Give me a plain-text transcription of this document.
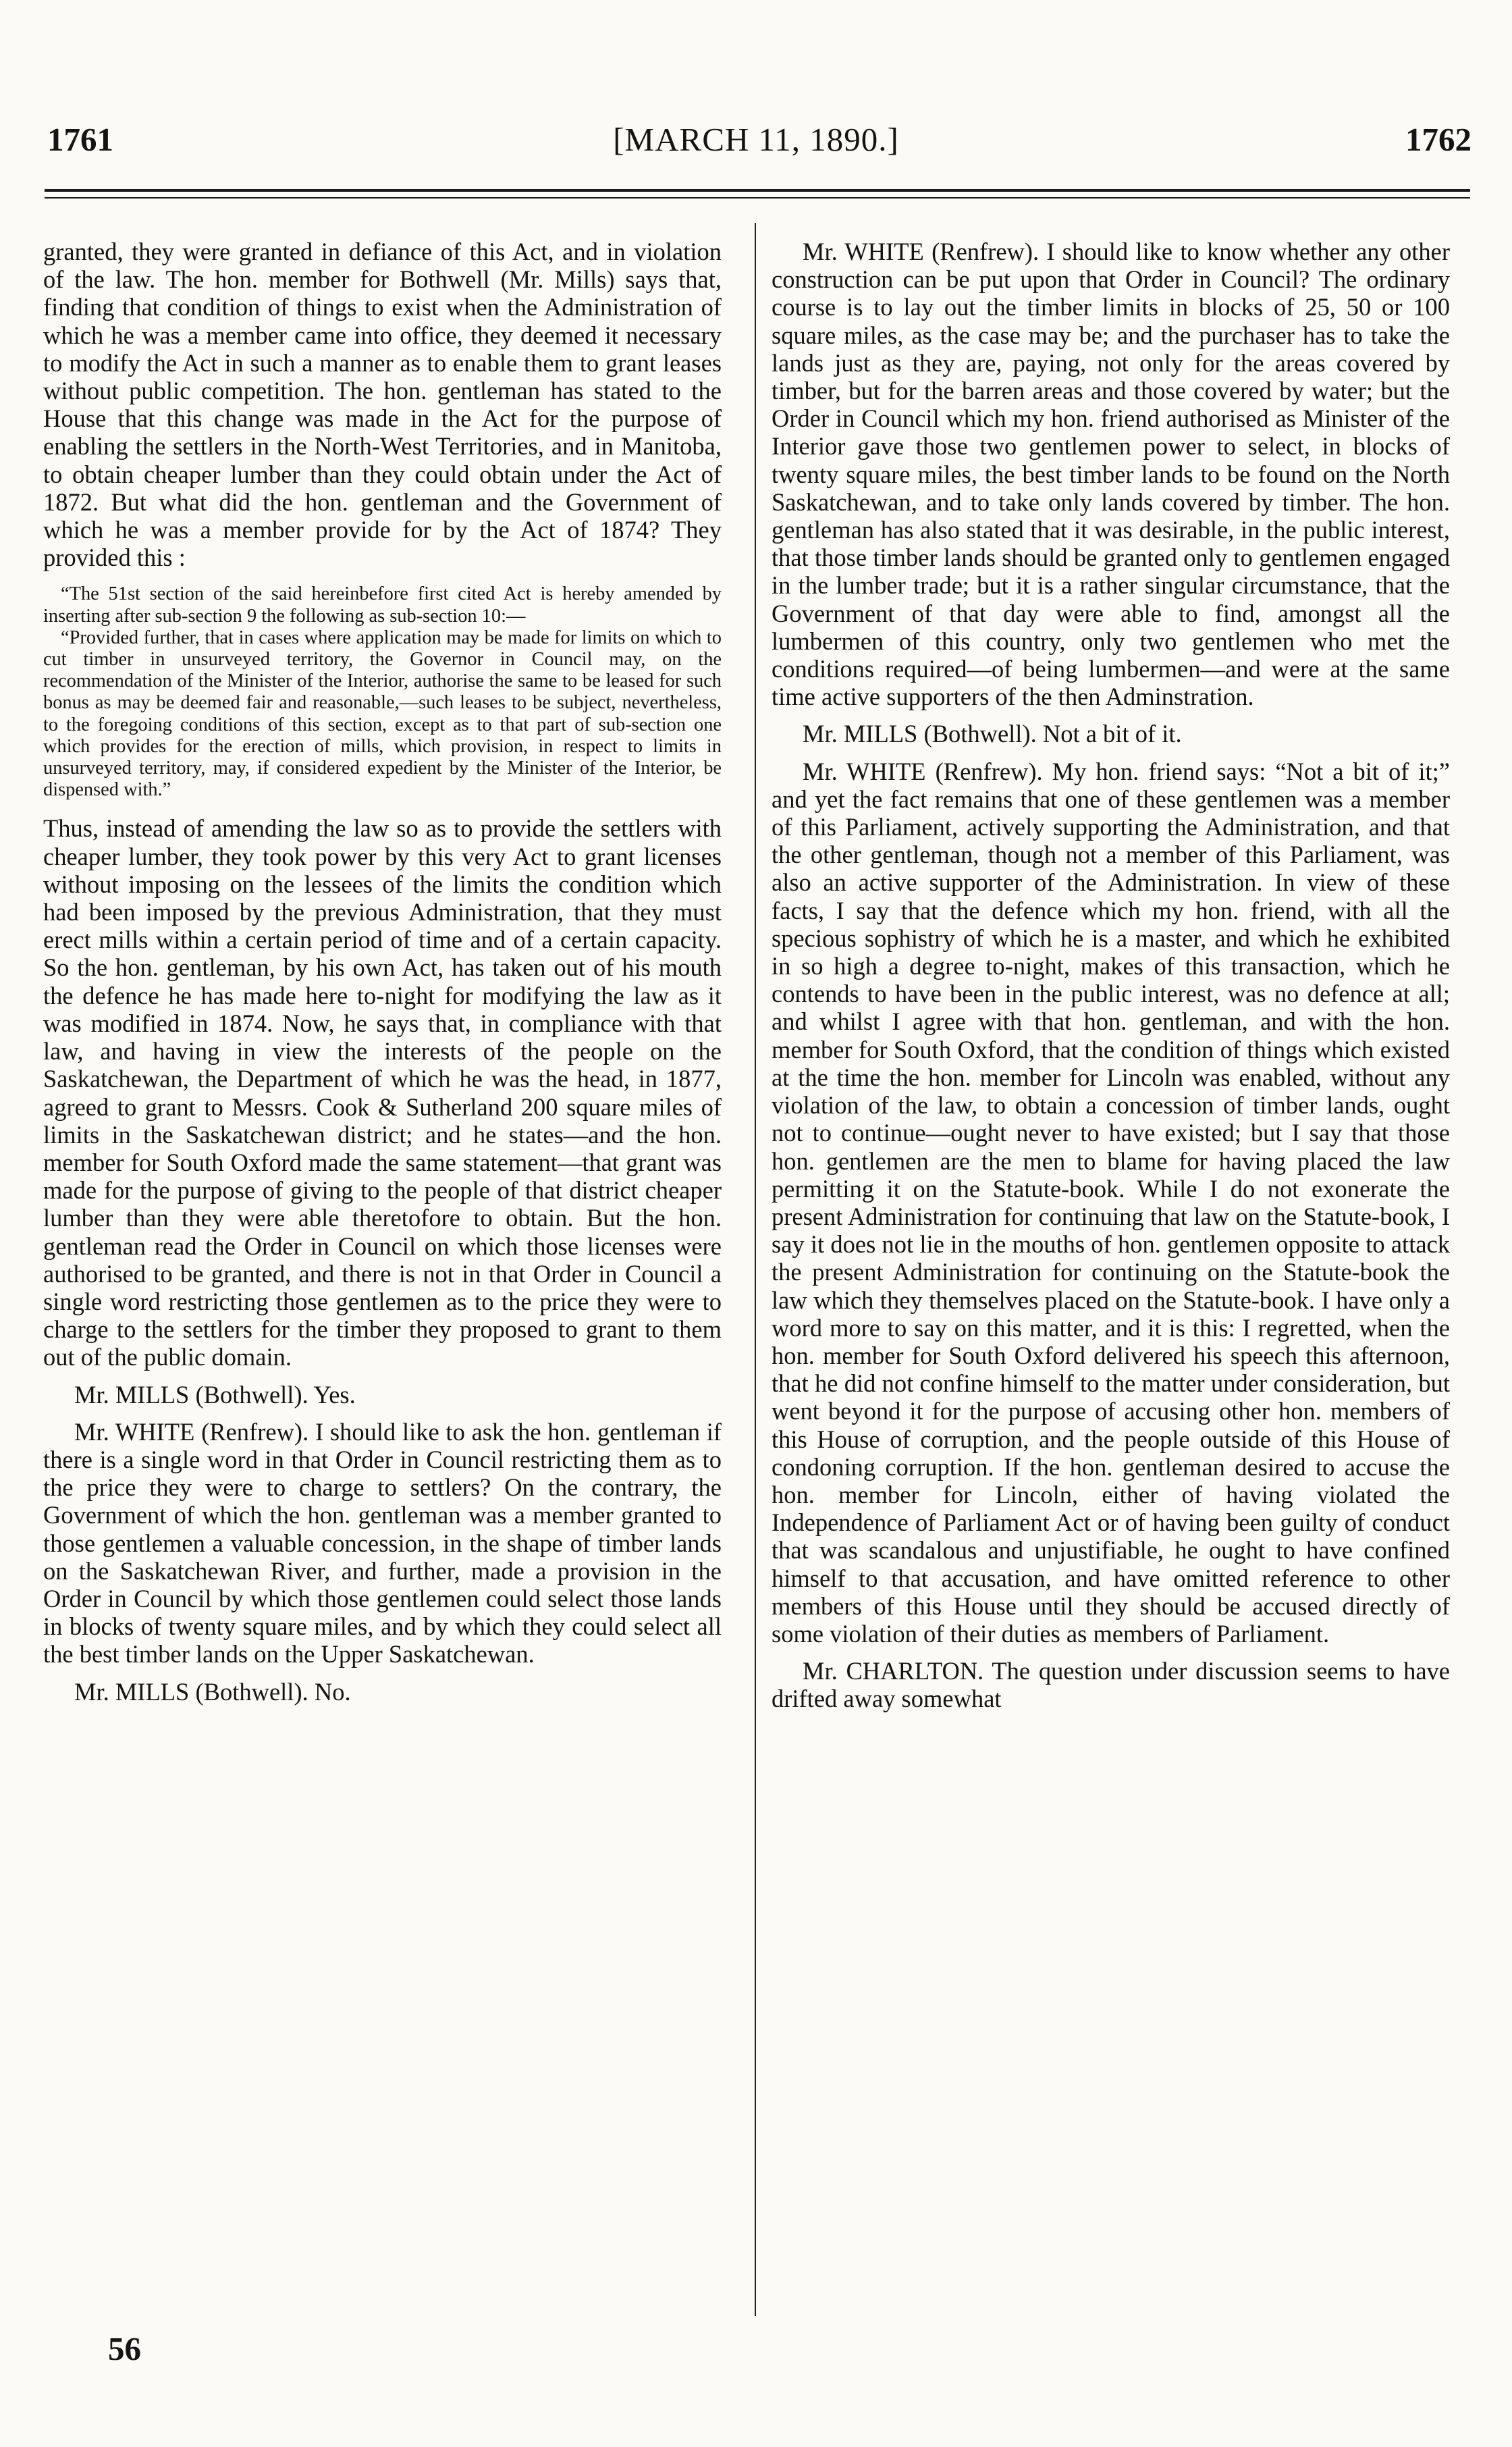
1761	[MARCH 11, 1890.]	1762

granted, they were granted in defiance of this Act, and in violation of the law. The hon. member for Bothwell (Mr. Mills) says that, finding that condition of things to exist when the Administration of which he was a member came into office, they deemed it necessary to modify the Act in such a manner as to enable them to grant leases without public competition. The hon. gentleman has stated to the House that this change was made in the Act for the purpose of enabling the settlers in the North-West Territories, and in Manitoba, to obtain cheaper lumber than they could obtain under the Act of 1872. But what did the hon. gentleman and the Government of which he was a member provide for by the Act of 1874? They provided this :

“The 51st section of the said hereinbefore first cited Act is hereby amended by inserting after sub-section 9 the following as sub-section 10:—

“Provided further, that in cases where application may be made for limits on which to cut timber in unsurveyed territory, the Governor in Council may, on the recommendation of the Minister of the Interior, authorise the same to be leased for such bonus as may be deemed fair and reasonable,—such leases to be subject, nevertheless, to the foregoing conditions of this section, except as to that part of sub-section one which provides for the erection of mills, which provision, in respect to limits in unsurveyed territory, may, if considered expedient by the Minister of the Interior, be dispensed with.”

Thus, instead of amending the law so as to provide the settlers with cheaper lumber, they took power by this very Act to grant licenses without imposing on the lessees of the limits the condition which had been imposed by the previous Administration, that they must erect mills within a certain period of time and of a certain capacity. So the hon. gentleman, by his own Act, has taken out of his mouth the defence he has made here to-night for modifying the law as it was modified in 1874. Now, he says that, in compliance with that law, and having in view the interests of the people on the Saskatchewan, the Department of which he was the head, in 1877, agreed to grant to Messrs. Cook & Sutherland 200 square miles of limits in the Saskatchewan district; and he states—and the hon. member for South Oxford made the same statement—that grant was made for the purpose of giving to the people of that district cheaper lumber than they were able theretofore to obtain. But the hon. gentleman read the Order in Council on which those licenses were authorised to be granted, and there is not in that Order in Council a single word restricting those gentlemen as to the price they were to charge to the settlers for the timber they proposed to grant to them out of the public domain.

Mr. MILLS (Bothwell). Yes.

Mr. WHITE (Renfrew). I should like to ask the hon. gentleman if there is a single word in that Order in Council restricting them as to the price they were to charge to settlers? On the contrary, the Government of which the hon. gentleman was a member granted to those gentlemen a valuable concession, in the shape of timber lands on the Saskatchewan River, and further, made a provision in the Order in Council by which those gentlemen could select those lands in blocks of twenty square miles, and by which they could select all the best timber lands on the Upper Saskatchewan.

Mr. MILLS (Bothwell). No.

Mr. WHITE (Renfrew). I should like to know whether any other construction can be put upon that Order in Council? The ordinary course is to lay out the timber limits in blocks of 25, 50 or 100 square miles, as the case may be; and the purchaser has to take the lands just as they are, paying, not only for the areas covered by timber, but for the barren areas and those covered by water; but the Order in Council which my hon. friend authorised as Minister of the Interior gave those two gentlemen power to select, in blocks of twenty square miles, the best timber lands to be found on the North Saskatchewan, and to take only lands covered by timber. The hon. gentleman has also stated that it was desirable, in the public interest, that those timber lands should be granted only to gentlemen engaged in the lumber trade; but it is a rather singular circumstance, that the Government of that day were able to find, amongst all the lumbermen of this country, only two gentlemen who met the conditions required—of being lumbermen—and were at the same time active supporters of the then Adminstration.

Mr. MILLS (Bothwell). Not a bit of it.

Mr. WHITE (Renfrew). My hon. friend says: “Not a bit of it;” and yet the fact remains that one of these gentlemen was a member of this Parliament, actively supporting the Administration, and that the other gentleman, though not a member of this Parliament, was also an active supporter of the Administration. In view of these facts, I say that the defence which my hon. friend, with all the specious sophistry of which he is a master, and which he exhibited in so high a degree to-night, makes of this transaction, which he contends to have been in the public interest, was no defence at all; and whilst I agree with that hon. gentleman, and with the hon. member for South Oxford, that the condition of things which existed at the time the hon. member for Lincoln was enabled, without any violation of the law, to obtain a concession of timber lands, ought not to continue—ought never to have existed; but I say that those hon. gentlemen are the men to blame for having placed the law permitting it on the Statute-book. While I do not exonerate the present Administration for continuing that law on the Statute-book, I say it does not lie in the mouths of hon. gentlemen opposite to attack the present Administration for continuing on the Statute-book the law which they themselves placed on the Statute-book. I have only a word more to say on this matter, and it is this: I regretted, when the hon. member for South Oxford delivered his speech this afternoon, that he did not confine himself to the matter under consideration, but went beyond it for the purpose of accusing other hon. members of this House of corruption, and the people outside of this House of condoning corruption. If the hon. gentleman desired to accuse the hon. member for Lincoln, either of having violated the Independence of Parliament Act or of having been guilty of conduct that was scandalous and unjustifiable, he ought to have confined himself to that accusation, and have omitted reference to other members of this House until they should be accused directly of some violation of their duties as members of Parliament.

Mr. CHARLTON. The question under discussion seems to have drifted away somewhat

56
